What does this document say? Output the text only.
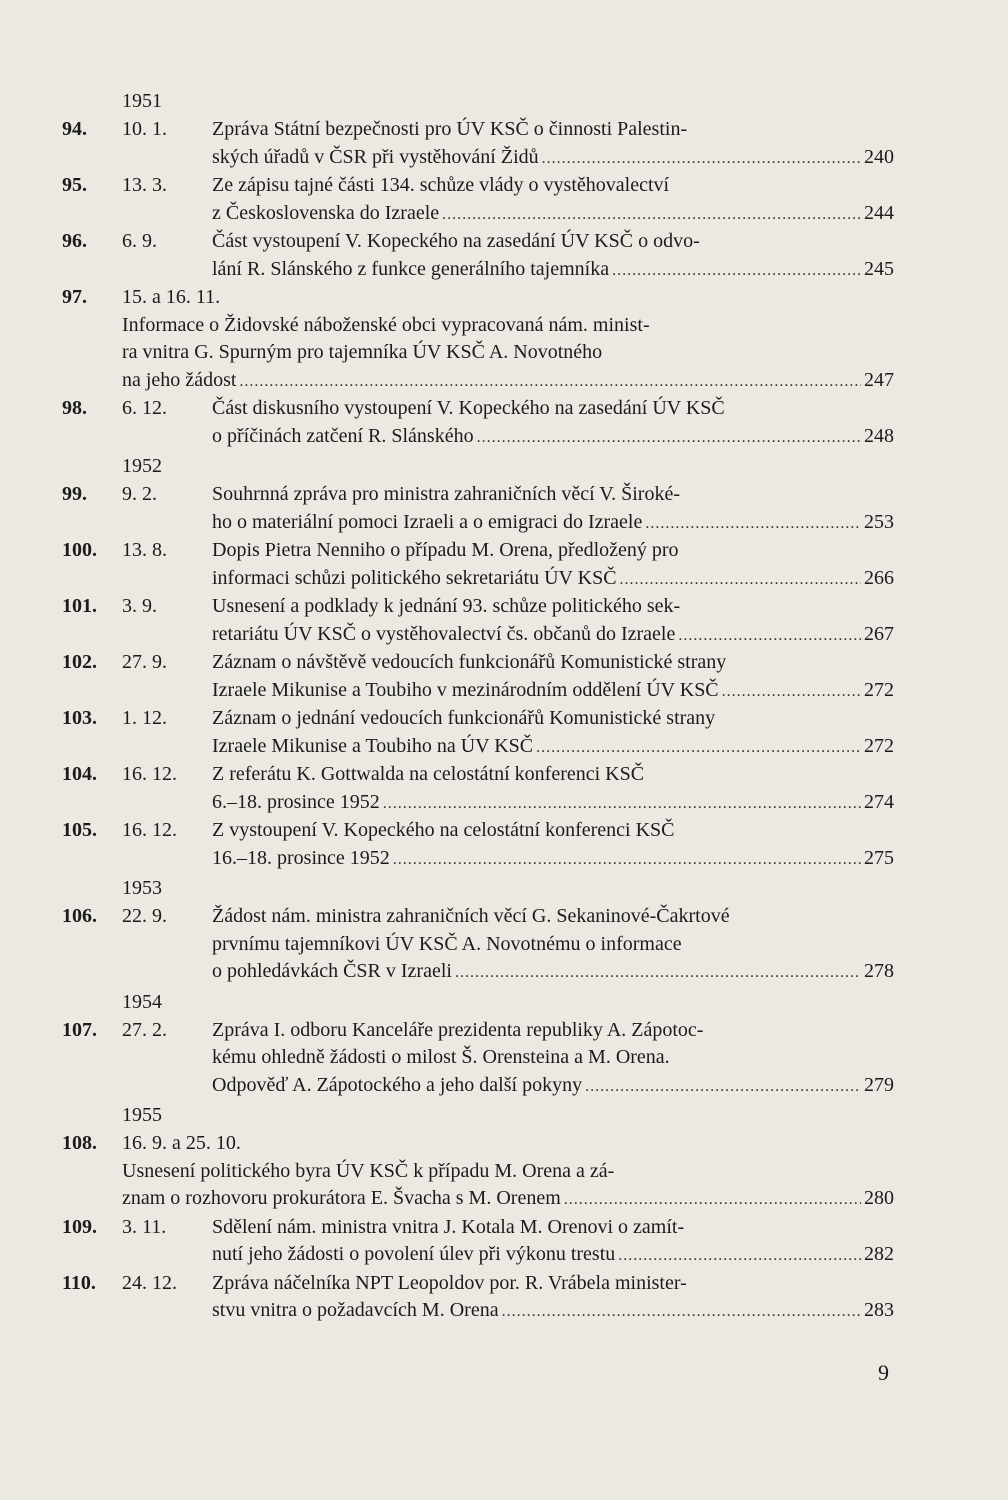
1951
94.	10. 1.	Zpráva Státní bezpečnosti pro ÚV KSČ o činnosti Palestin-
ských úřadů v ČSR při vystěhování Židů .....	240
95.	13. 3.	Ze zápisu tajné části 134. schůze vlády o vystěhovalectví
z Československa do Izraele .....	244
96.	6. 9.	Část vystoupení V. Kopeckého na zasedání ÚV KSČ o odvo-
lání R. Slánského z funkce generálního tajemníka .....	245
97.	15. a 16. 11.
Informace o Židovské náboženské obci vypracovaná nám. minist-
ra vnitra G. Spurným pro tajemníka ÚV KSČ A. Novotného
na jeho žádost .....	247
98.	6. 12.	Část diskusního vystoupení V. Kopeckého na zasedání ÚV KSČ
o příčinách zatčení R. Slánského .....	248
1952
99.	9. 2.	Souhrnná zpráva pro ministra zahraničních věcí V. Široké-
ho o materiální pomoci Izraeli a o emigraci do Izraele .....	253
100.	13. 8.	Dopis Pietra Nenniho o případu M. Orena, předložený pro
informaci schůzi politického sekretariátu ÚV KSČ .....	266
101.	3. 9.	Usnesení a podklady k jednání 93. schůze politického sek-
retariátu ÚV KSČ o vystěhovalectví čs. občanů do Izraele .....	267
102.	27. 9.	Záznam o návštěvě vedoucích funkcionářů Komunistické strany
Izraele Mikunise a Toubiho v mezinárodním oddělení ÚV KSČ .....	272
103.	1. 12.	Záznam o jednání vedoucích funkcionářů Komunistické strany
Izraele Mikunise a Toubiho na ÚV KSČ .....	272
104.	16. 12.	Z referátu K. Gottwalda na celostátní konferenci KSČ
6.–18. prosince 1952 .....	274
105.	16. 12.	Z vystoupení V. Kopeckého na celostátní konferenci KSČ
16.–18. prosince 1952 .....	275
1953
106.	22. 9.	Žádost nám. ministra zahraničních věcí G. Sekaninové-Čakrtové
prvnímu tajemníkovi ÚV KSČ A. Novotnému o informace
o pohledávkách ČSR v Izraeli .....	278
1954
107.	27. 2.	Zpráva I. odboru Kanceláře prezidenta republiky A. Zápotoc-
kému ohledně žádosti o milost Š. Orensteina a M. Orena.
Odpověď A. Zápotockého a jeho další pokyny .....	279
1955
108.	16. 9. a 25. 10.
Usnesení politického byra ÚV KSČ k případu M. Orena a zá-
znam o rozhovoru prokurátora E. Švacha s M. Orenem .....	280
109.	3. 11.	Sdělení nám. ministra vnitra J. Kotala M. Orenovi o zamít-
nutí jeho žádosti o povolení úlev při výkonu trestu .....	282
110.	24. 12.	Zpráva náčelníka NPT Leopoldov por. R. Vrábela minister-
stvu vnitra o požadavcích M. Orena .....	283
9
